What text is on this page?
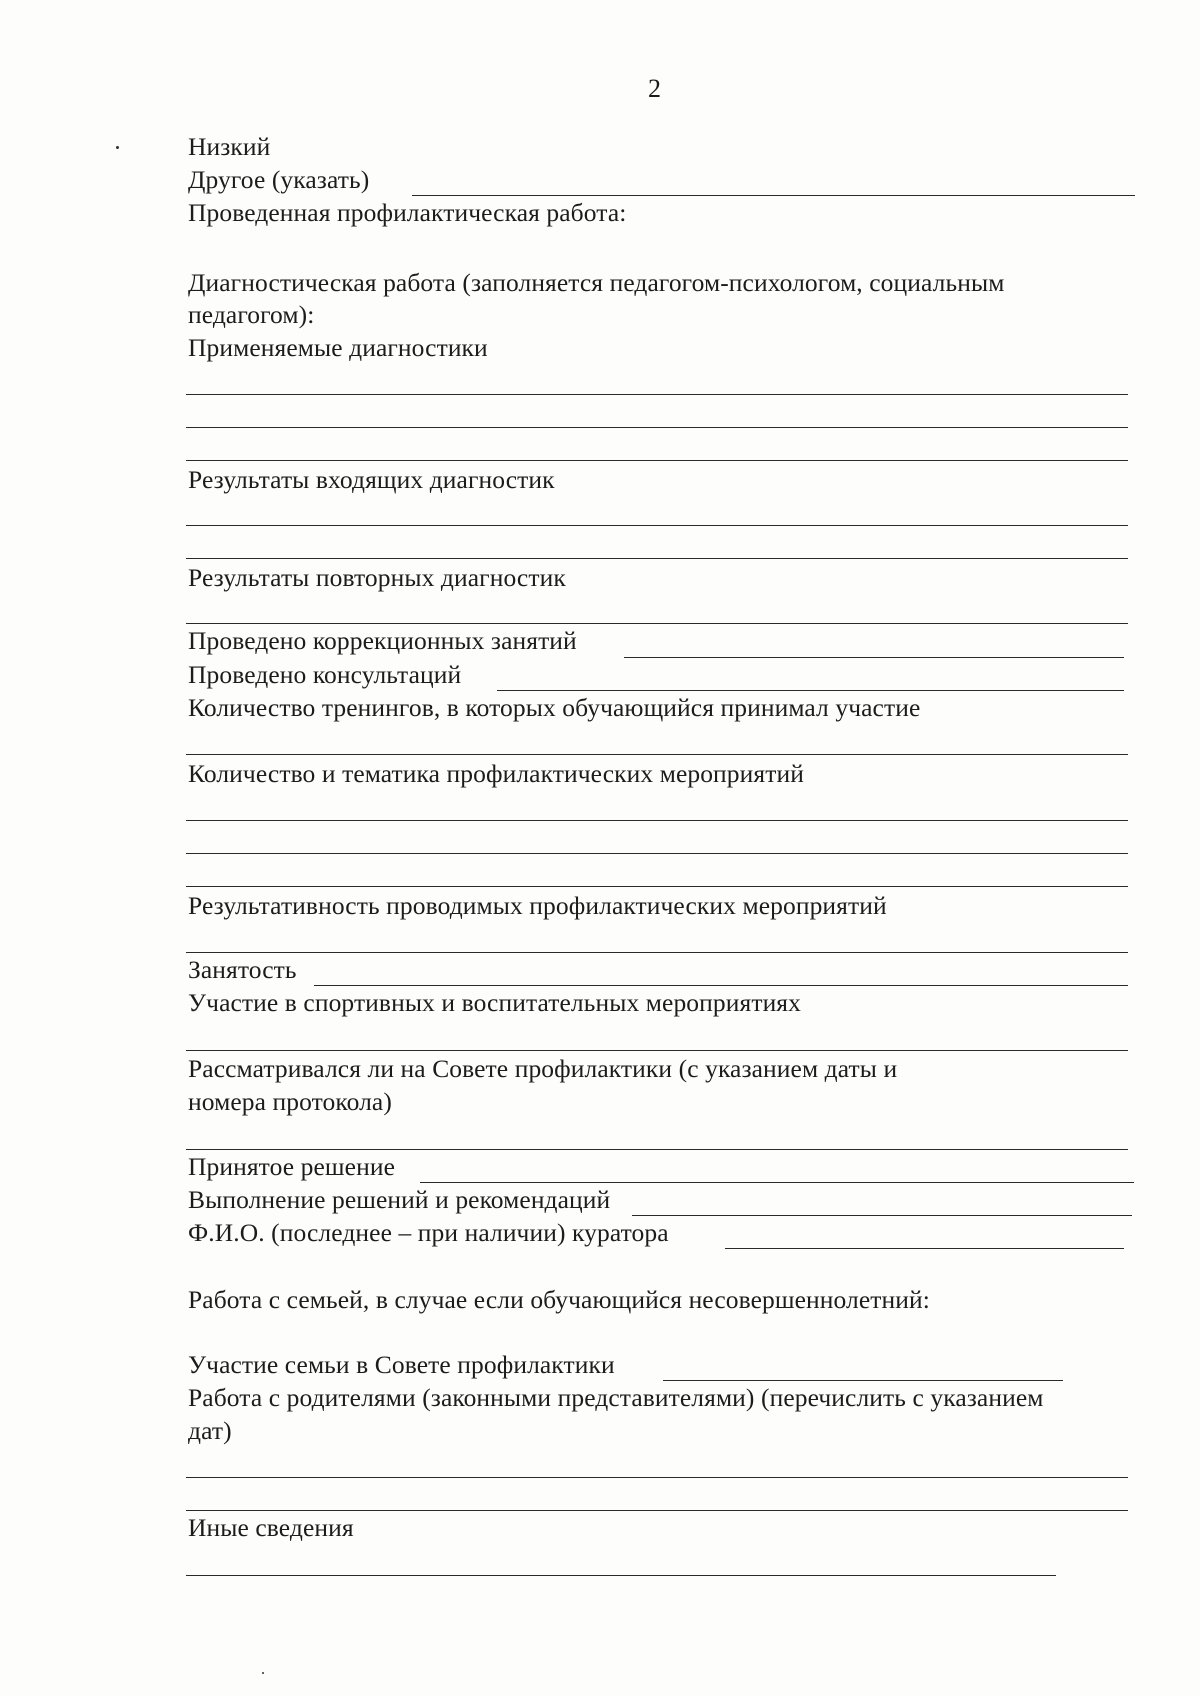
2
Низкий
Другое (указать)
Проведенная профилактическая работа:
Диагностическая работа (заполняется педагогом-психологом, социальным
педагогом):
Применяемые диагностики
Результаты входящих диагностик
Результаты повторных диагностик
Проведено коррекционных занятий
Проведено консультаций
Количество тренингов, в которых обучающийся принимал участие
Количество и тематика профилактических мероприятий
Результативность проводимых профилактических мероприятий
Занятость
Участие в спортивных и воспитательных мероприятиях
Рассматривался ли на Совете профилактики (с указанием даты и
номера протокола)
Принятое решение
Выполнение решений и рекомендаций
Ф.И.О. (последнее – при наличии) куратора
Работа с семьей, в случае если обучающийся несовершеннолетний:
Участие семьи в Совете профилактики
Работа с родителями (законными представителями) (перечислить с указанием
дат)
Иные сведения
